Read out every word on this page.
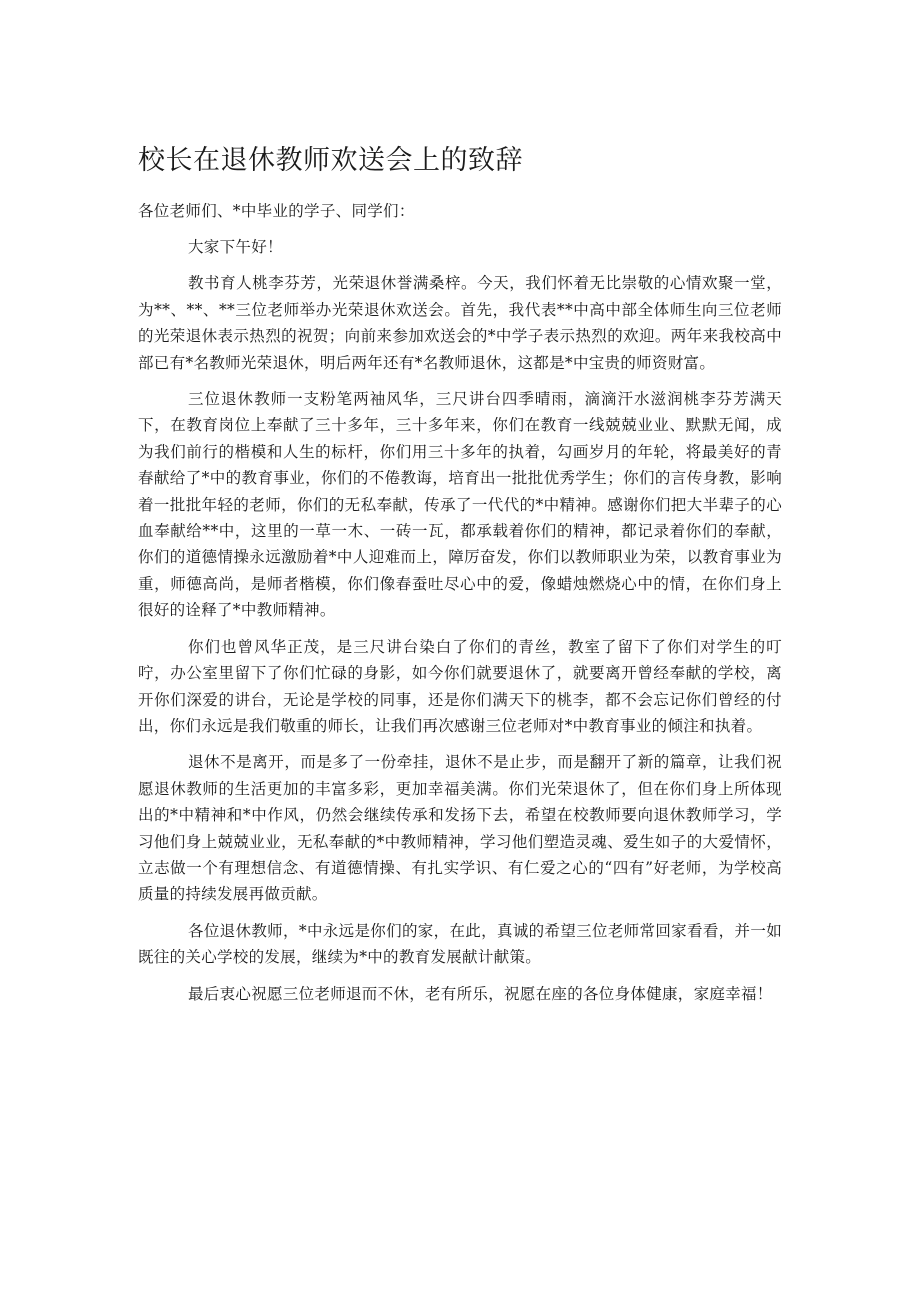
校长在退休教师欢送会上的致辞

各位老师们、*中毕业的学子、同学们：

大家下午好！

教书育人桃李芬芳，光荣退休誉满桑梓。今天，我们怀着无比崇敬的心情欢聚一堂，为**、**、**三位老师举办光荣退休欢送会。首先，我代表**中高中部全体师生向三位老师的光荣退休表示热烈的祝贺；向前来参加欢送会的*中学子表示热烈的欢迎。两年来我校高中部已有*名教师光荣退休，明后两年还有*名教师退休，这都是*中宝贵的师资财富。

三位退休教师一支粉笔两袖风华，三尺讲台四季晴雨，滴滴汗水滋润桃李芬芳满天下，在教育岗位上奉献了三十多年，三十多年来，你们在教育一线兢兢业业、默默无闻，成为我们前行的楷模和人生的标杆，你们用三十多年的执着，勾画岁月的年轮，将最美好的青春献给了*中的教育事业，你们的不倦教诲，培育出一批批优秀学生；你们的言传身教，影响着一批批年轻的老师，你们的无私奉献，传承了一代代的*中精神。感谢你们把大半辈子的心血奉献给**中，这里的一草一木、一砖一瓦，都承载着你们的精神，都记录着你们的奉献，你们的道德情操永远激励着*中人迎难而上，障厉奋发，你们以教师职业为荣，以教育事业为重，师德高尚，是师者楷模，你们像春蚕吐尽心中的爱，像蜡烛燃烧心中的情，在你们身上很好的诠释了*中教师精神。

你们也曾风华正茂，是三尺讲台染白了你们的青丝，教室了留下了你们对学生的叮咛，办公室里留下了你们忙碌的身影，如今你们就要退休了，就要离开曾经奉献的学校，离开你们深爱的讲台，无论是学校的同事，还是你们满天下的桃李，都不会忘记你们曾经的付出，你们永远是我们敬重的师长，让我们再次感谢三位老师对*中教育事业的倾注和执着。

退休不是离开，而是多了一份牵挂，退休不是止步，而是翻开了新的篇章，让我们祝愿退休教师的生活更加的丰富多彩，更加幸福美满。你们光荣退休了，但在你们身上所体现出的*中精神和*中作风，仍然会继续传承和发扬下去，希望在校教师要向退休教师学习，学习他们身上兢兢业业，无私奉献的*中教师精神，学习他们塑造灵魂、爱生如子的大爱情怀，立志做一个有理想信念、有道德情操、有扎实学识、有仁爱之心的“四有”好老师，为学校高质量的持续发展再做贡献。

各位退休教师，*中永远是你们的家，在此，真诚的希望三位老师常回家看看，并一如既往的关心学校的发展，继续为*中的教育发展献计献策。

最后衷心祝愿三位老师退而不休，老有所乐，祝愿在座的各位身体健康，家庭幸福！
